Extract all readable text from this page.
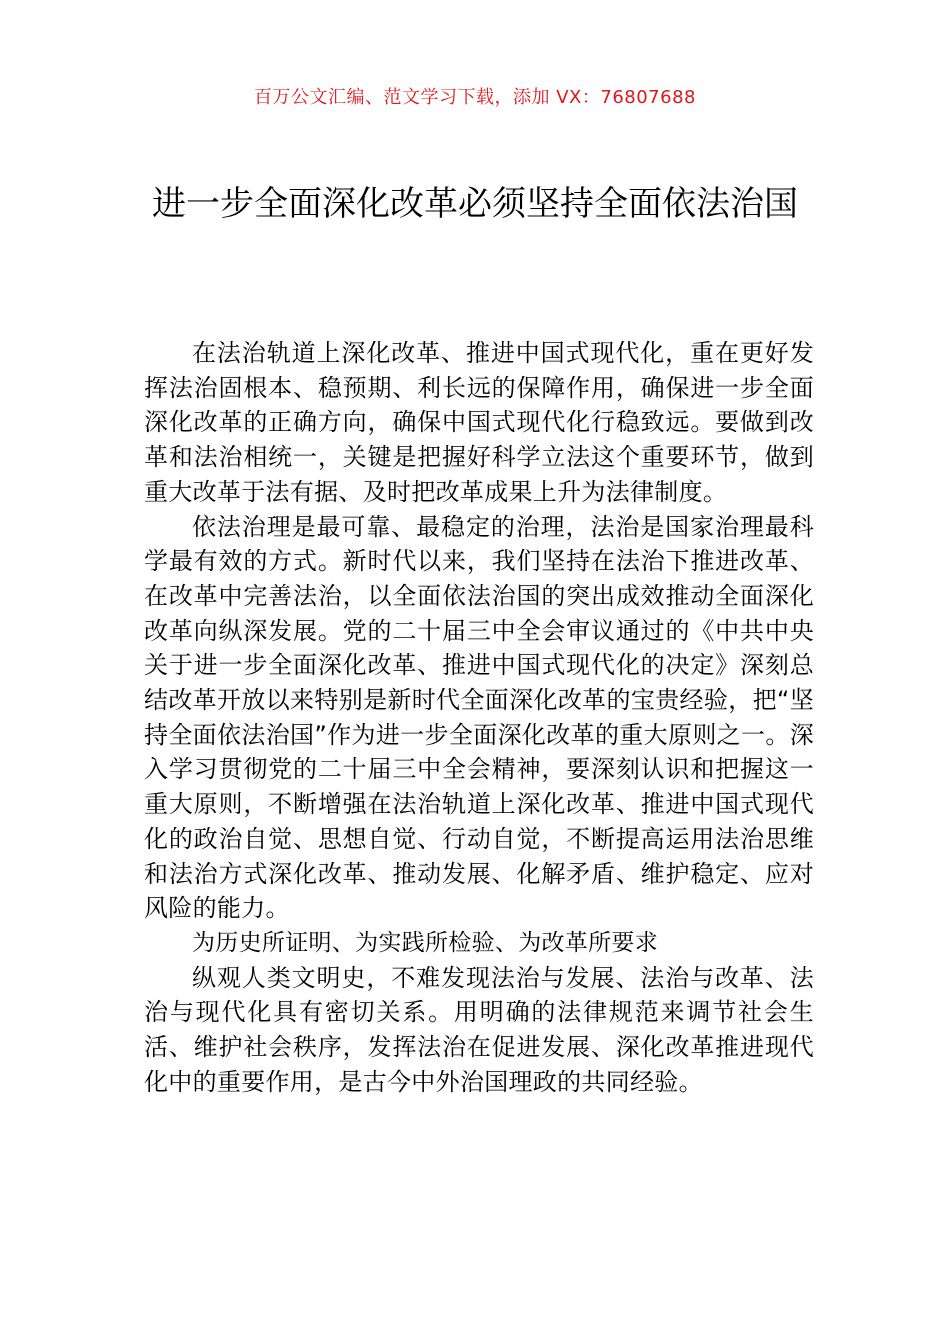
百万公文汇编、范文学习下载，添加 VX：76807688
进一步全面深化改革必须坚持全面依法治国

在法治轨道上深化改革、推进中国式现代化，重在更好发挥法治固根本、稳预期、利长远的保障作用，确保进一步全面深化改革的正确方向，确保中国式现代化行稳致远。要做到改革和法治相统一，关键是把握好科学立法这个重要环节，做到重大改革于法有据、及时把改革成果上升为法律制度。

依法治理是最可靠、最稳定的治理，法治是国家治理最科学最有效的方式。新时代以来，我们坚持在法治下推进改革、在改革中完善法治，以全面依法治国的突出成效推动全面深化改革向纵深发展。党的二十届三中全会审议通过的《中共中央关于进一步全面深化改革、推进中国式现代化的决定》深刻总结改革开放以来特别是新时代全面深化改革的宝贵经验，把“坚持全面依法治国”作为进一步全面深化改革的重大原则之一。深入学习贯彻党的二十届三中全会精神，要深刻认识和把握这一重大原则，不断增强在法治轨道上深化改革、推进中国式现代化的政治自觉、思想自觉、行动自觉，不断提高运用法治思维和法治方式深化改革、推动发展、化解矛盾、维护稳定、应对风险的能力。

为历史所证明、为实践所检验、为改革所要求

纵观人类文明史，不难发现法治与发展、法治与改革、法治与现代化具有密切关系。用明确的法律规范来调节社会生活、维护社会秩序，发挥法治在促进发展、深化改革推进现代化中的重要作用，是古今中外治国理政的共同经验。
